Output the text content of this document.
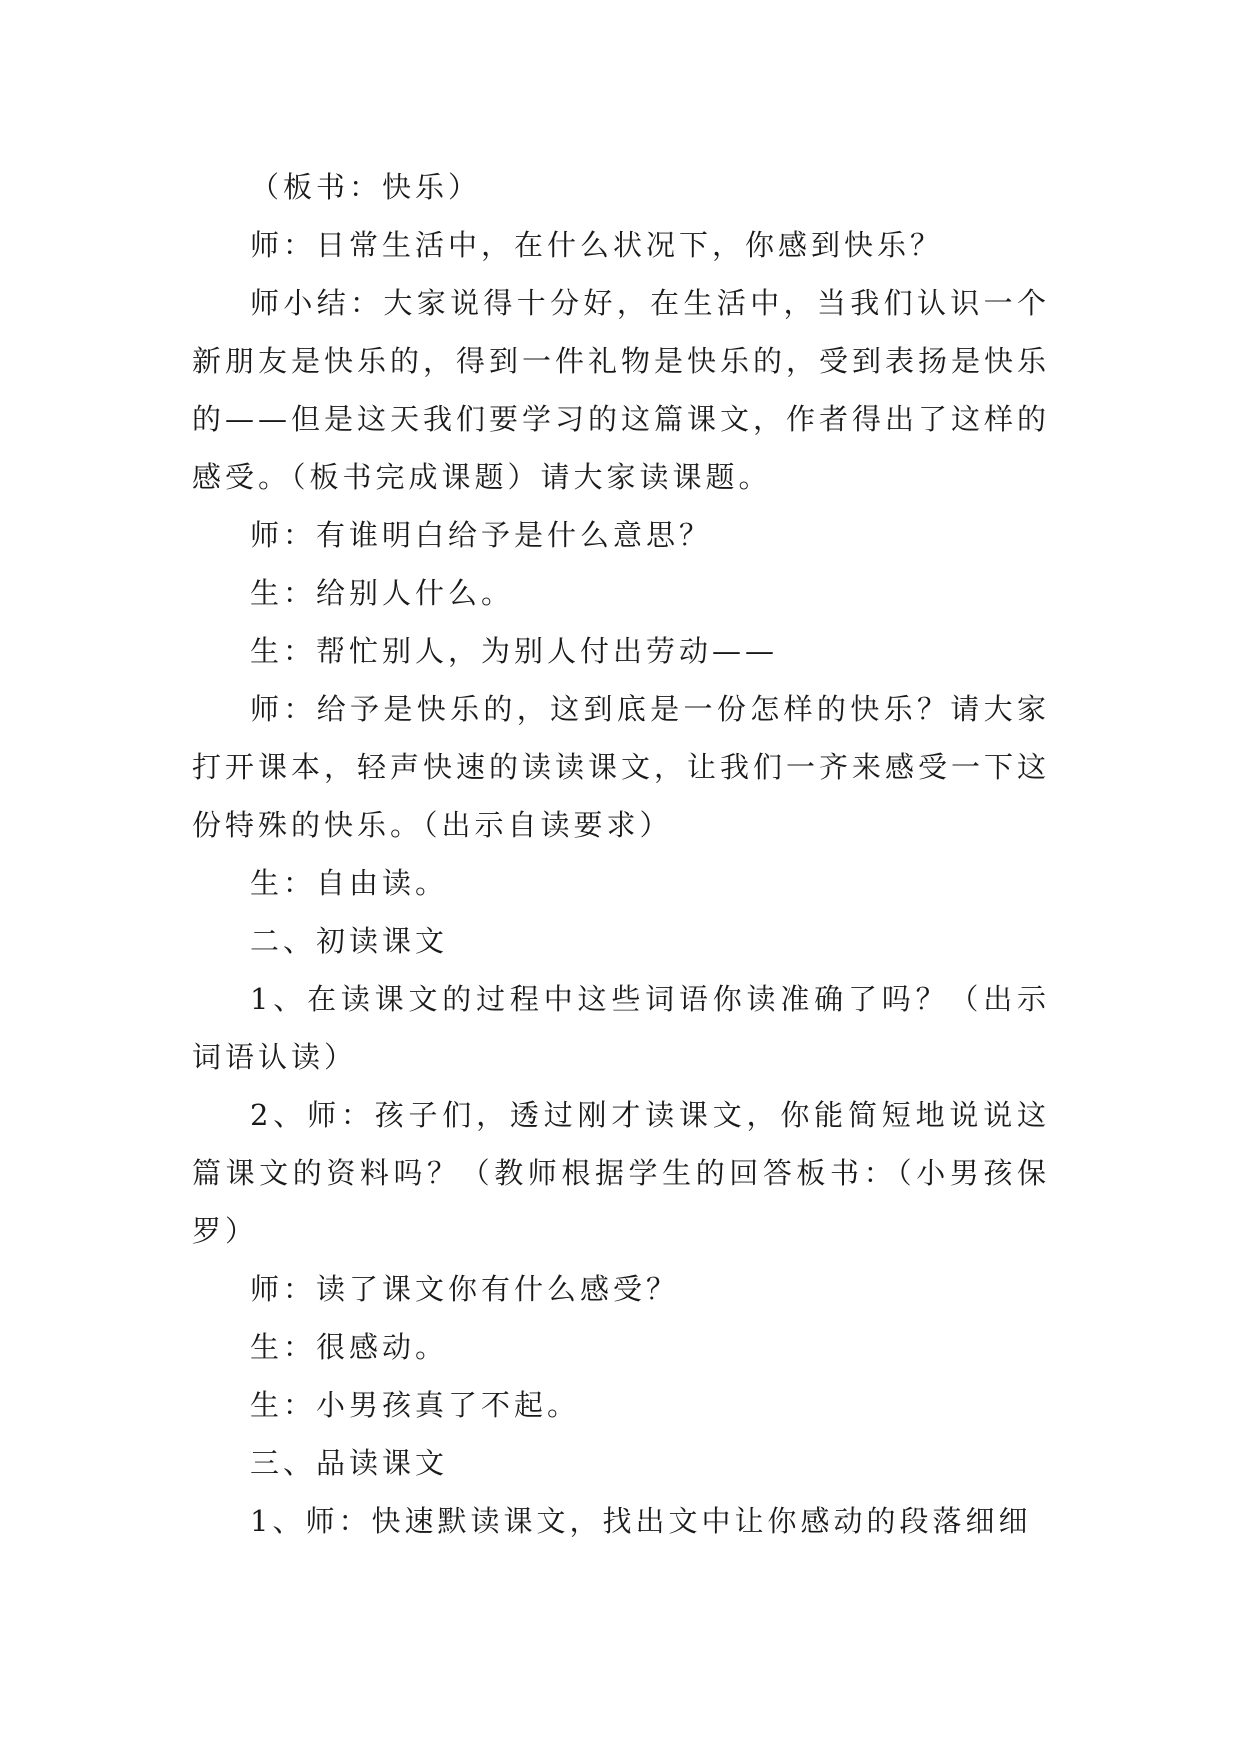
（板书：快乐）

师：日常生活中，在什么状况下，你感到快乐？

师小结：大家说得十分好，在生活中，当我们认识一个新朋友是快乐的，得到一件礼物是快乐的，受到表扬是快乐的——但是这天我们要学习的这篇课文，作者得出了这样的感受。（板书完成课题）请大家读课题。

师：有谁明白给予是什么意思？

生：给别人什么。

生：帮忙别人，为别人付出劳动——

师：给予是快乐的，这到底是一份怎样的快乐？请大家打开课本，轻声快速的读读课文，让我们一齐来感受一下这份特殊的快乐。（出示自读要求）

生：自由读。

二、初读课文

1、在读课文的过程中这些词语你读准确了吗？（出示词语认读）

2、师：孩子们，透过刚才读课文，你能简短地说说这篇课文的资料吗？（教师根据学生的回答板书：（小男孩保罗）

师：读了课文你有什么感受？

生：很感动。

生：小男孩真了不起。

三、品读课文

1、师：快速默读课文，找出文中让你感动的段落细细
